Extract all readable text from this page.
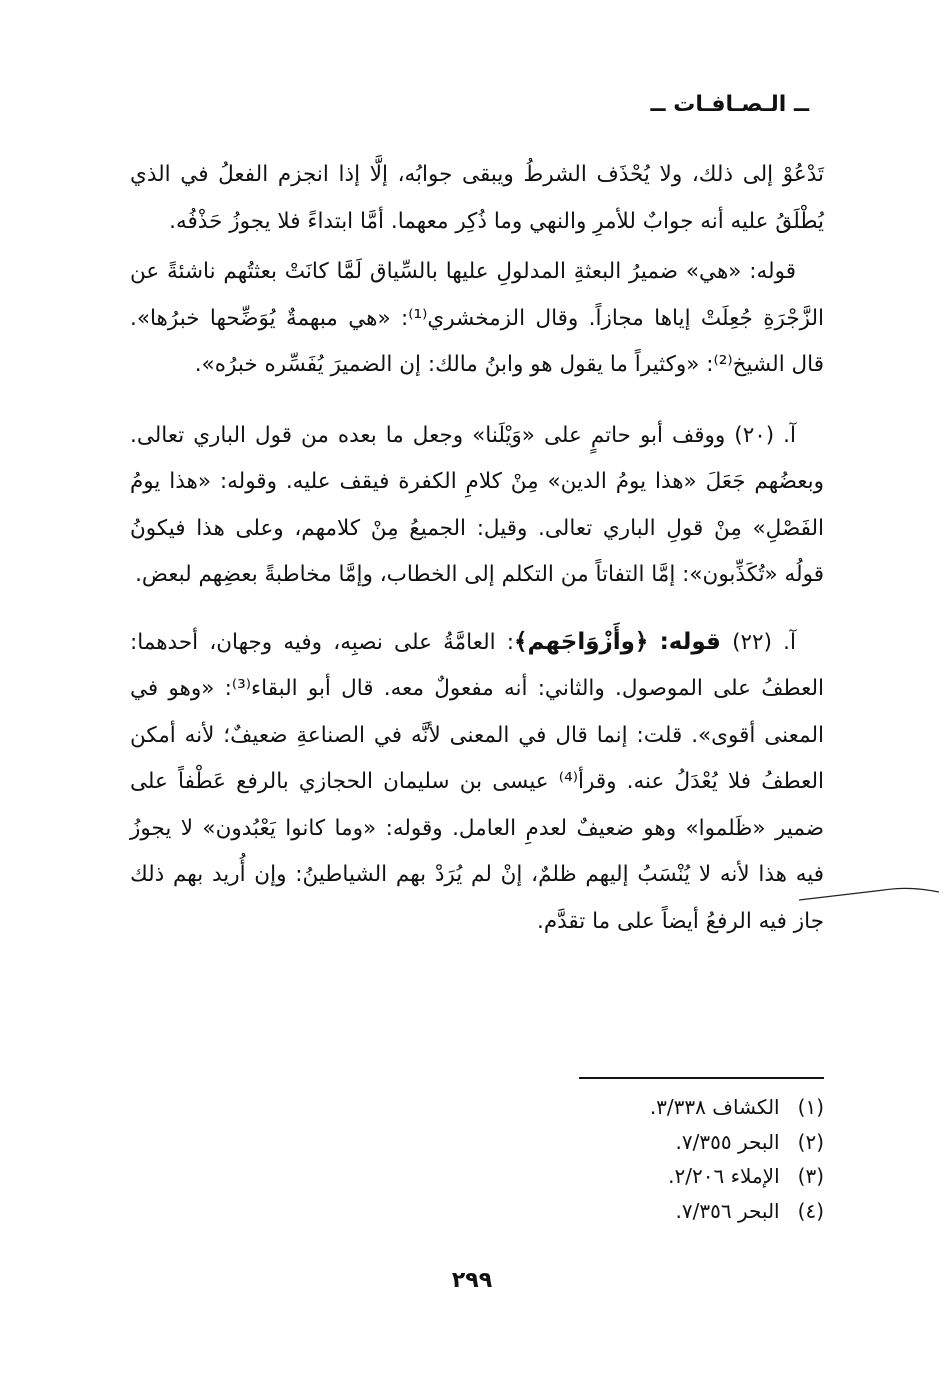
ــ الـصـافـات ــ

تَدْعُوْ إلى ذلك، ولا يُحْذَف الشرطُ ويبقى جوابُه، إلَّا إذا انجزم الفعلُ في الذي يُطْلَقُ عليه أنه جوابٌ للأمرِ والنهي وما ذُكِر معهما. أمَّا ابتداءً فلا يجوزُ حَذْفُه.

قوله: «هي» ضميرُ البعثةِ المدلولِ عليها بالسِّياق لَمَّا كانَتْ بعثتُهم ناشئةً عن الزَّجْرَةِ جُعِلَتْ إياها مجازاً. وقال الزمخشري⁽¹⁾: «هي مبهمةٌ يُوَضِّحها خبرُها». قال الشيخ⁽²⁾: «وكثيراً ما يقول هو وابنُ مالك: إن الضميرَ يُفَسِّره خبرُه».

آ. (٢٠) ووقف أبو حاتمٍ على «وَيْلَنا» وجعل ما بعده من قول الباري تعالى. وبعضُهم جَعَلَ «هذا يومُ الدين» مِنْ كلامِ الكفرة فيقف عليه. وقوله: «هذا يومُ الفَصْلِ» مِنْ قولِ الباري تعالى. وقيل: الجميعُ مِنْ كلامهم، وعلى هذا فيكونُ قولُه «تُكَذِّبون»: إمَّا التفاتاً من التكلم إلى الخطاب، وإمَّا مخاطبةً بعضِهم لبعض.

آ. (٢٢) قوله: ﴿وأَزْوَاجَهم﴾: العامَّةُ على نصبِه، وفيه وجهان، أحدهما: العطفُ على الموصول. والثاني: أنه مفعولٌ معه. قال أبو البقاء⁽³⁾: «وهو في المعنى أقوى». قلت: إنما قال في المعنى لأنَّه في الصناعةِ ضعيفٌ؛ لأنه أمكن العطفُ فلا يُعْدَلُ عنه. وقرأ⁽⁴⁾ عيسى بن سليمان الحجازي بالرفع عَطْفاً على ضمير «ظَلموا» وهو ضعيفٌ لعدمِ العامل. وقوله: «وما كانوا يَعْبُدون» لا يجوزُ فيه هذا لأنه لا يُنْسَبُ إليهم ظلمٌ، إنْ لم يُرَدْ بهم الشياطينُ: وإن أُريد بهم ذلك جاز فيه الرفعُ أيضاً على ما تقدَّم.

(١)الكشاف ٣/٣٣٨.
(٢)البحر ٧/٣٥٥.
(٣)الإملاء ٢/٢٠٦.
(٤)البحر ٧/٣٥٦.
٢٩٩
